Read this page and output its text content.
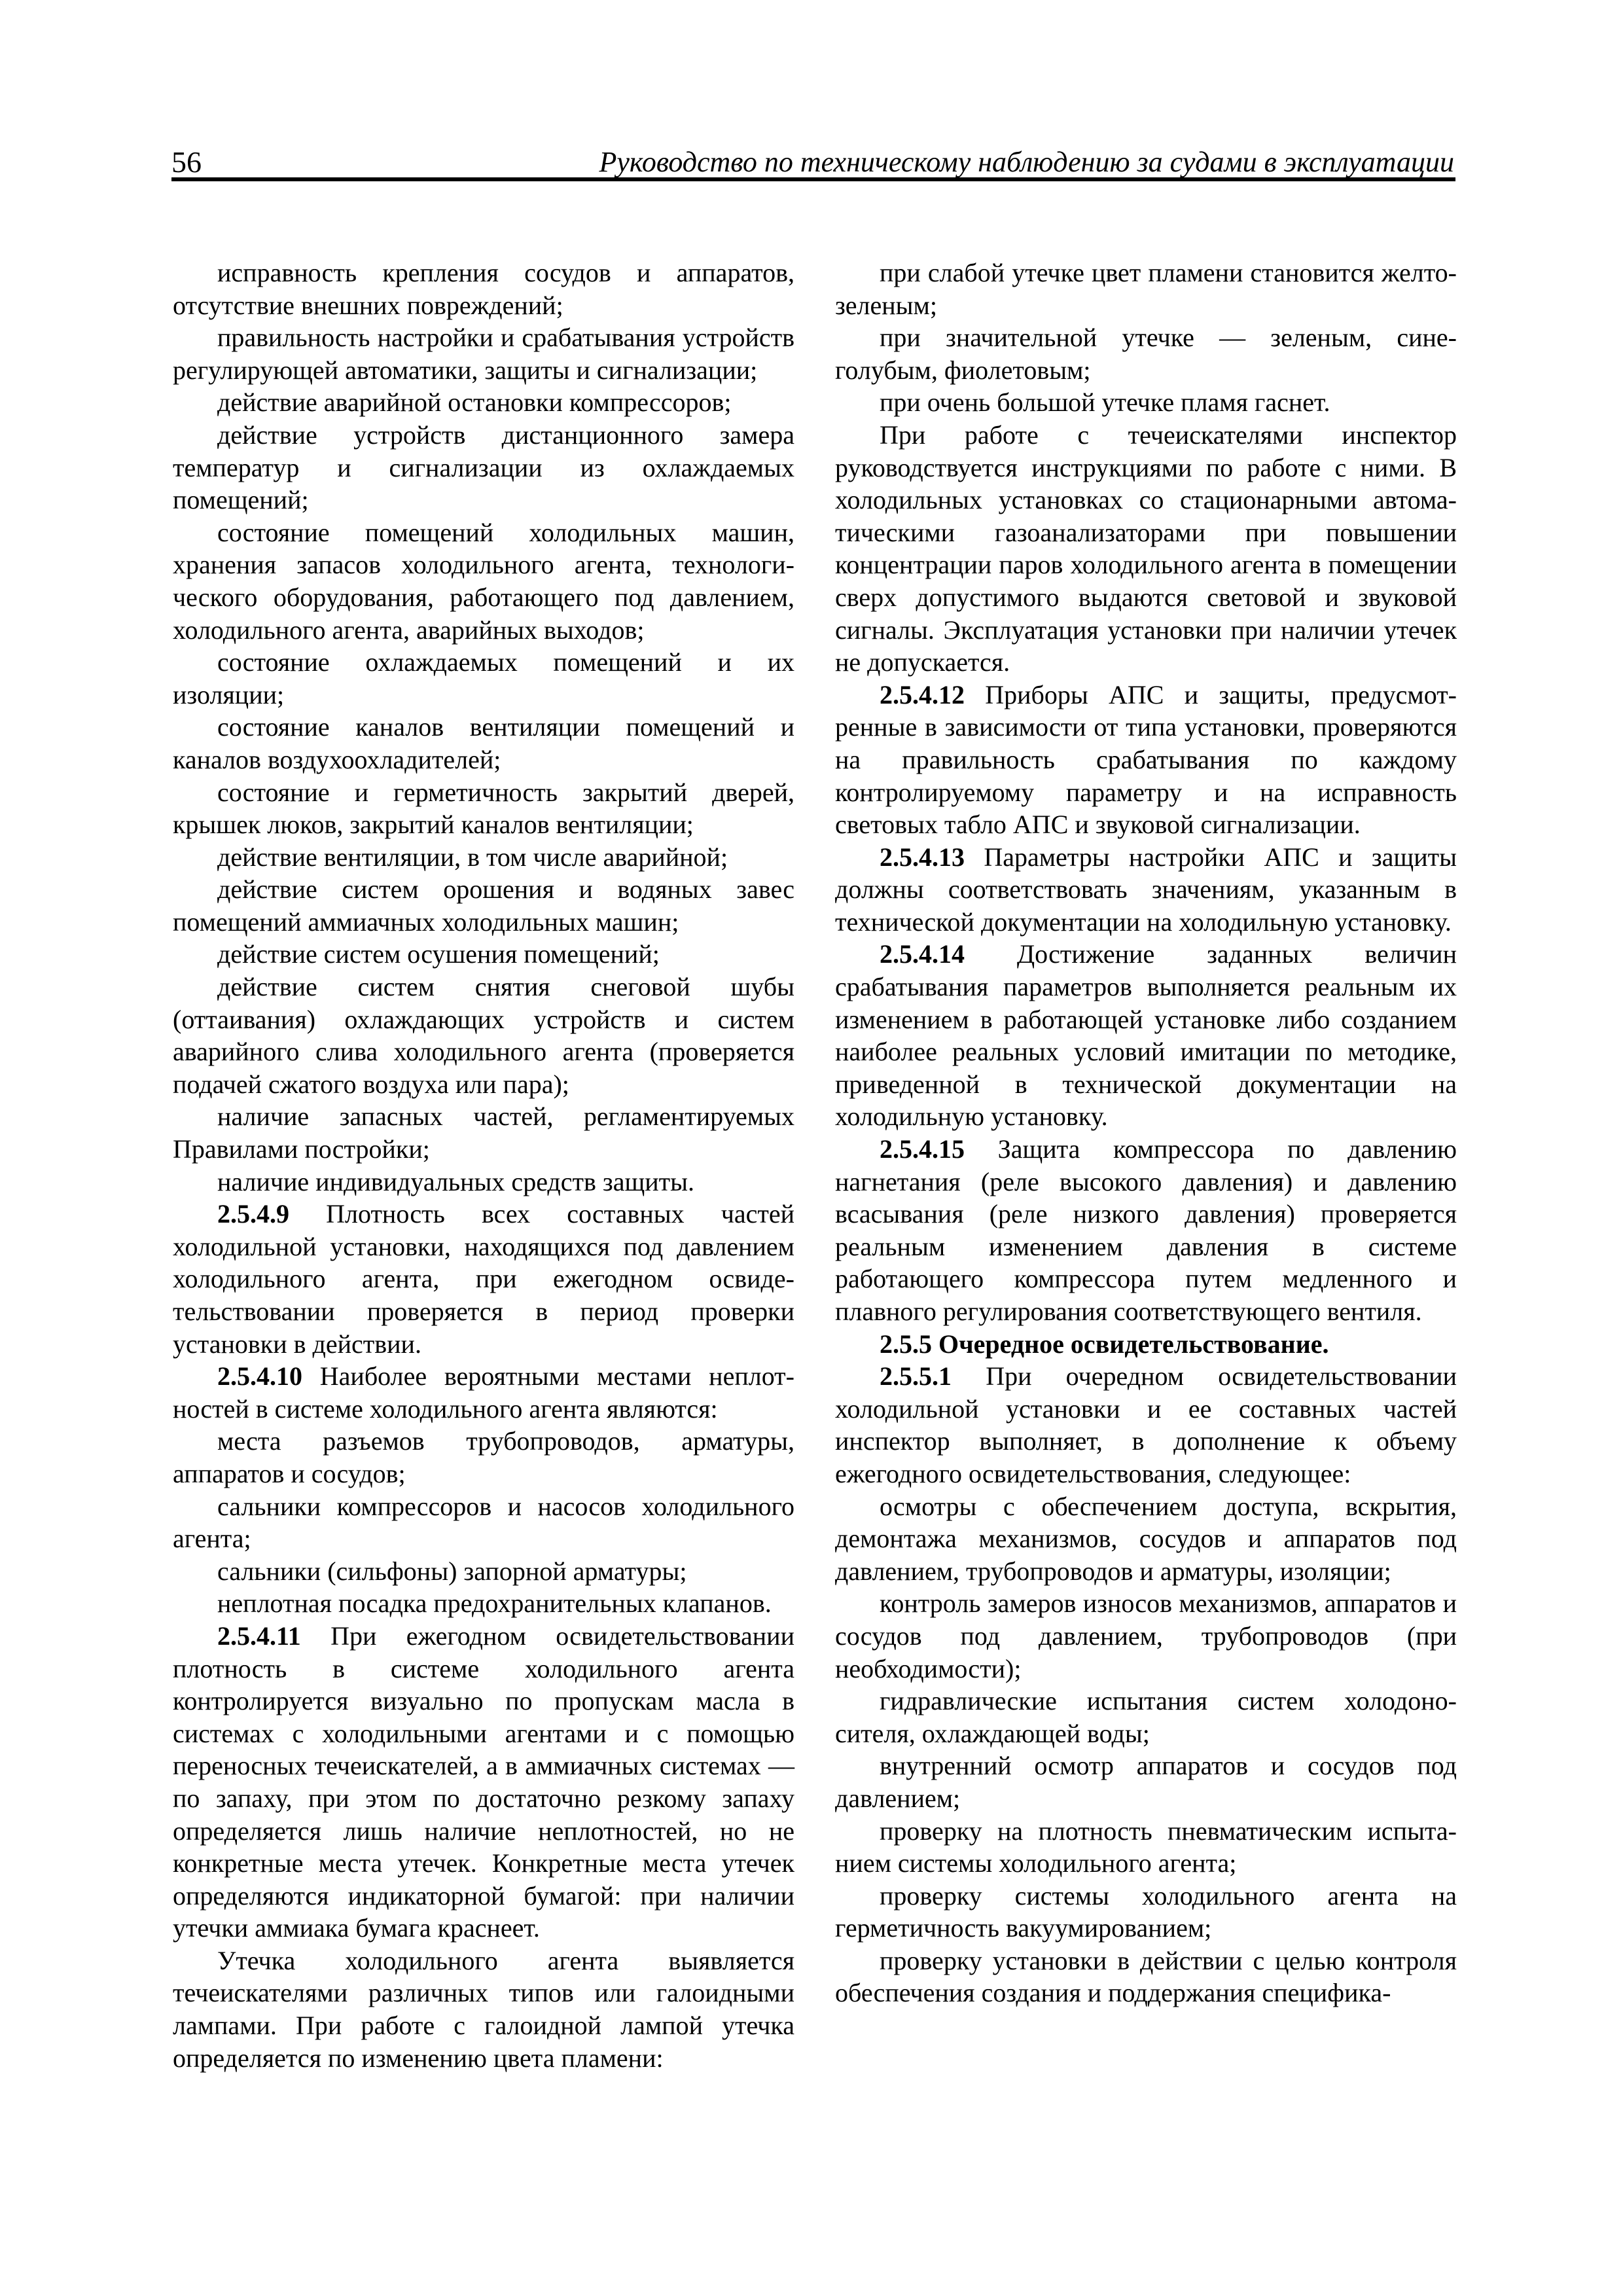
56	Руководство по техническому наблюдению за судами в эксплуатации

исправность крепления сосудов и аппаратов, отсутствие внешних повреждений;

правильность настройки и срабатывания устройств регулирующей автоматики, защиты и сигнализации;

действие аварийной остановки компрессоров;

действие устройств дистанционного замера температур и сигнализации из охлаждаемых помещений;

состояние помещений холодильных машин, хранения запасов холодильного агента, технологического оборудования, работающего под давлением, холодильного агента, аварийных выходов;

состояние охлаждаемых помещений и их изоляции;

состояние каналов вентиляции помещений и каналов воздухоохладителей;

состояние и герметичность закрытий дверей, крышек люков, закрытий каналов вентиляции;

действие вентиляции, в том числе аварийной;

действие систем орошения и водяных завес помещений аммиачных холодильных машин;

действие систем осушения помещений;

действие систем снятия снеговой шубы (оттаивания) охлаждающих устройств и систем аварийного слива холодильного агента (проверяется подачей сжатого воздуха или пара);

наличие запасных частей, регламентируемых Правилами постройки;

наличие индивидуальных средств защиты.

2.5.4.9 Плотность всех составных частей холодильной установки, находящихся под давлением холодильного агента, при ежегодном освидетельствовании проверяется в период проверки установки в действии.

2.5.4.10 Наиболее вероятными местами неплотностей в системе холодильного агента являются:

места разъемов трубопроводов, арматуры, аппаратов и сосудов;

сальники компрессоров и насосов холодильного агента;

сальники (сильфоны) запорной арматуры;

неплотная посадка предохранительных клапанов.

2.5.4.11 При ежегодном освидетельствовании плотность в системе холодильного агента контролируется визуально по пропускам масла в системах с холодильными агентами и с помощью переносных течеискателей, а в аммиачных системах — по запаху, при этом по достаточно резкому запаху определяется лишь наличие неплотностей, но не конкретные места утечек. Конкретные места утечек определяются индикаторной бумагой: при наличии утечки аммиака бумага краснеет.

Утечка холодильного агента выявляется течеискателями различных типов или галоидными лампами. При работе с галоидной лампой утечка определяется по изменению цвета пламени:

при слабой утечке цвет пламени становится желто-зеленым;

при значительной утечке — зеленым, сине-голубым, фиолетовым;

при очень большой утечке пламя гаснет.

При работе с течеискателями инспектор руководствуется инструкциями по работе с ними. В холодильных установках со стационарными автоматическими газоанализаторами при повышении концентрации паров холодильного агента в помещении сверх допустимого выдаются световой и звуковой сигналы. Эксплуатация установки при наличии утечек не допускается.

2.5.4.12 Приборы АПС и защиты, предусмотренные в зависимости от типа установки, проверяются на правильность срабатывания по каждому контролируемому параметру и на исправность световых табло АПС и звуковой сигнализации.

2.5.4.13 Параметры настройки АПС и защиты должны соответствовать значениям, указанным в технической документации на холодильную установку.

2.5.4.14 Достижение заданных величин срабатывания параметров выполняется реальным их изменением в работающей установке либо созданием наиболее реальных условий имитации по методике, приведенной в технической документации на холодильную установку.

2.5.4.15 Защита компрессора по давлению нагнетания (реле высокого давления) и давлению всасывания (реле низкого давления) проверяется реальным изменением давления в системе работающего компрессора путем медленного и плавного регулирования соответствующего вентиля.

2.5.5 Очередное освидетельствование.

2.5.5.1 При очередном освидетельствовании холодильной установки и ее составных частей инспектор выполняет, в дополнение к объему ежегодного освидетельствования, следующее:

осмотры с обеспечением доступа, вскрытия, демонтажа механизмов, сосудов и аппаратов под давлением, трубопроводов и арматуры, изоляции;

контроль замеров износов механизмов, аппаратов и сосудов под давлением, трубопроводов (при необходимости);

гидравлические испытания систем холодоносителя, охлаждающей воды;

внутренний осмотр аппаратов и сосудов под давлением;

проверку на плотность пневматическим испытанием системы холодильного агента;

проверку системы холодильного агента на герметичность вакуумированием;

проверку установки в действии с целью контроля обеспечения создания и поддержания специфика-
